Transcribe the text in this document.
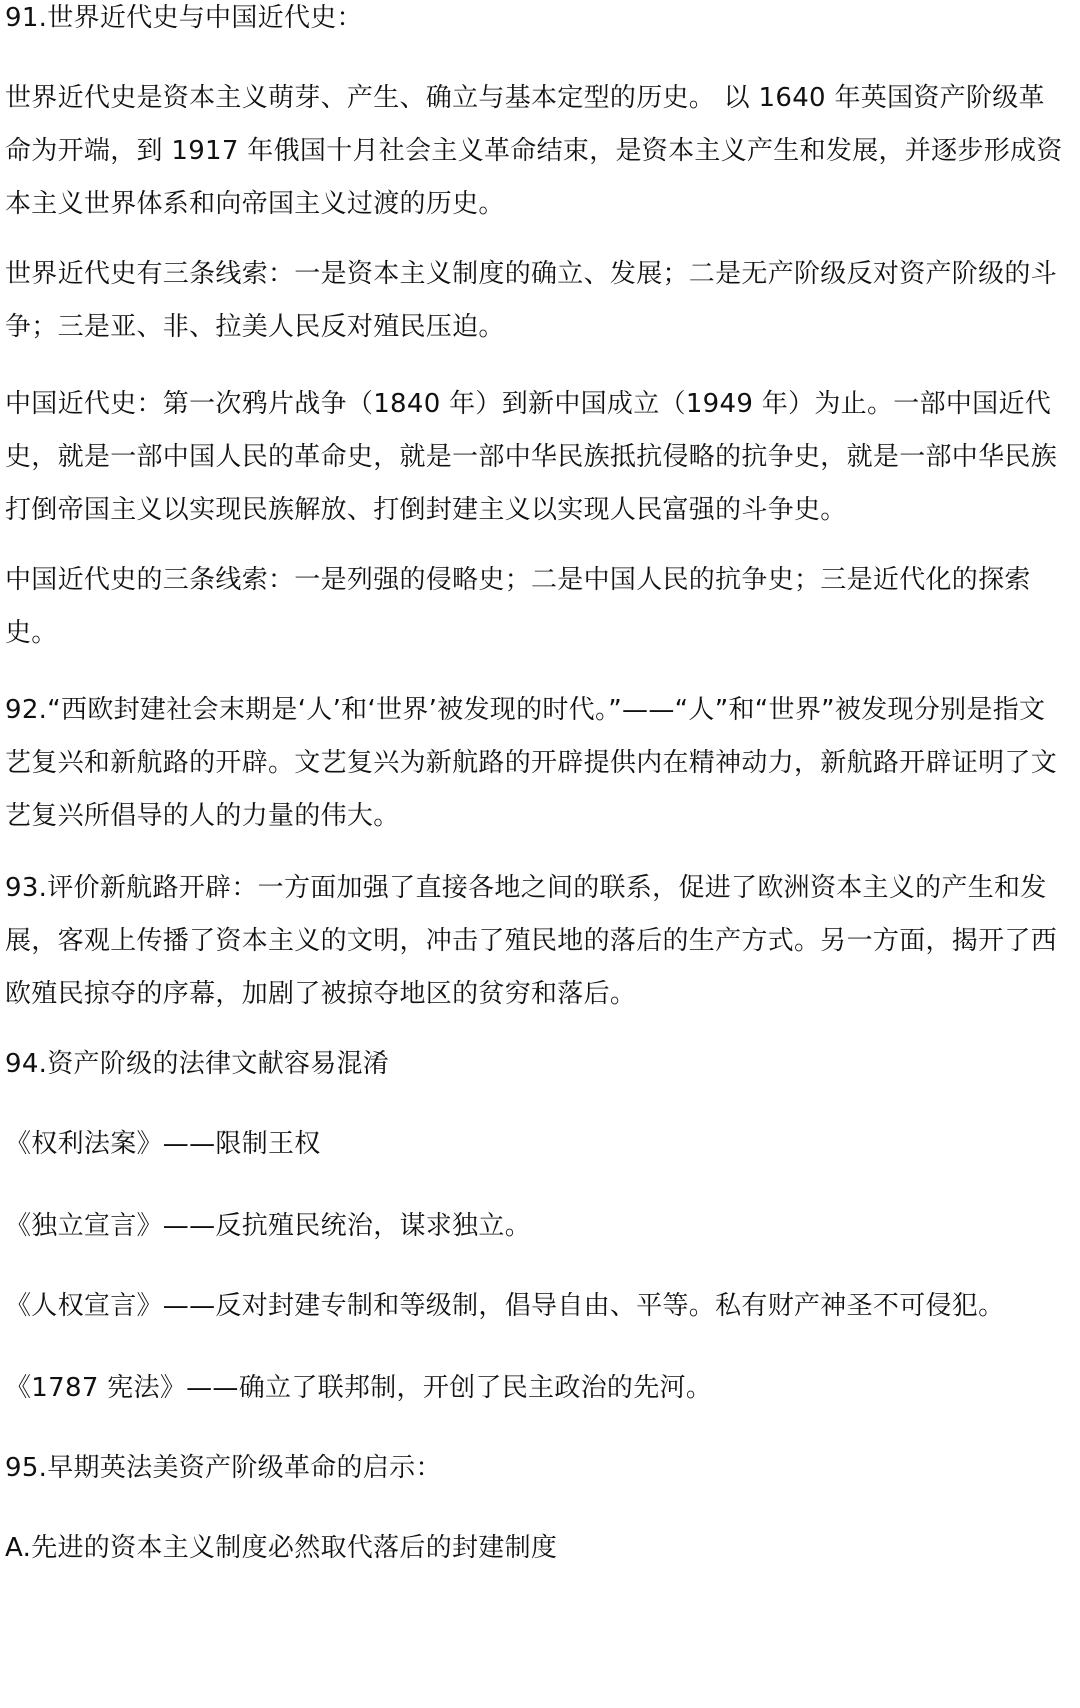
91.世界近代史与中国近代史：

世界近代史是资本主义萌芽、产生、确立与基本定型的历史。 以 1640 年英国资产阶级革命为开端，到 1917 年俄国十月社会主义革命结束，是资本主义产生和发展，并逐步形成资本主义世界体系和向帝国主义过渡的历史。

世界近代史有三条线索：一是资本主义制度的确立、发展；二是无产阶级反对资产阶级的斗争；三是亚、非、拉美人民反对殖民压迫。

中国近代史：第一次鸦片战争（1840 年）到新中国成立（1949 年）为止。一部中国近代史，就是一部中国人民的革命史，就是一部中华民族抵抗侵略的抗争史，就是一部中华民族打倒帝国主义以实现民族解放、打倒封建主义以实现人民富强的斗争史。

中国近代史的三条线索：一是列强的侵略史；二是中国人民的抗争史；三是近代化的探索史。

92.“西欧封建社会末期是‘人’和‘世界’被发现的时代。”——“人”和“世界”被发现分别是指文艺复兴和新航路的开辟。文艺复兴为新航路的开辟提供内在精神动力，新航路开辟证明了文艺复兴所倡导的人的力量的伟大。

93.评价新航路开辟：一方面加强了直接各地之间的联系，促进了欧洲资本主义的产生和发展，客观上传播了资本主义的文明，冲击了殖民地的落后的生产方式。另一方面，揭开了西欧殖民掠夺的序幕，加剧了被掠夺地区的贫穷和落后。

94.资产阶级的法律文献容易混淆

《权利法案》——限制王权

《独立宣言》——反抗殖民统治，谋求独立。

《人权宣言》——反对封建专制和等级制，倡导自由、平等。私有财产神圣不可侵犯。

《1787 宪法》——确立了联邦制，开创了民主政治的先河。

95.早期英法美资产阶级革命的启示：

A.先进的资本主义制度必然取代落后的封建制度
